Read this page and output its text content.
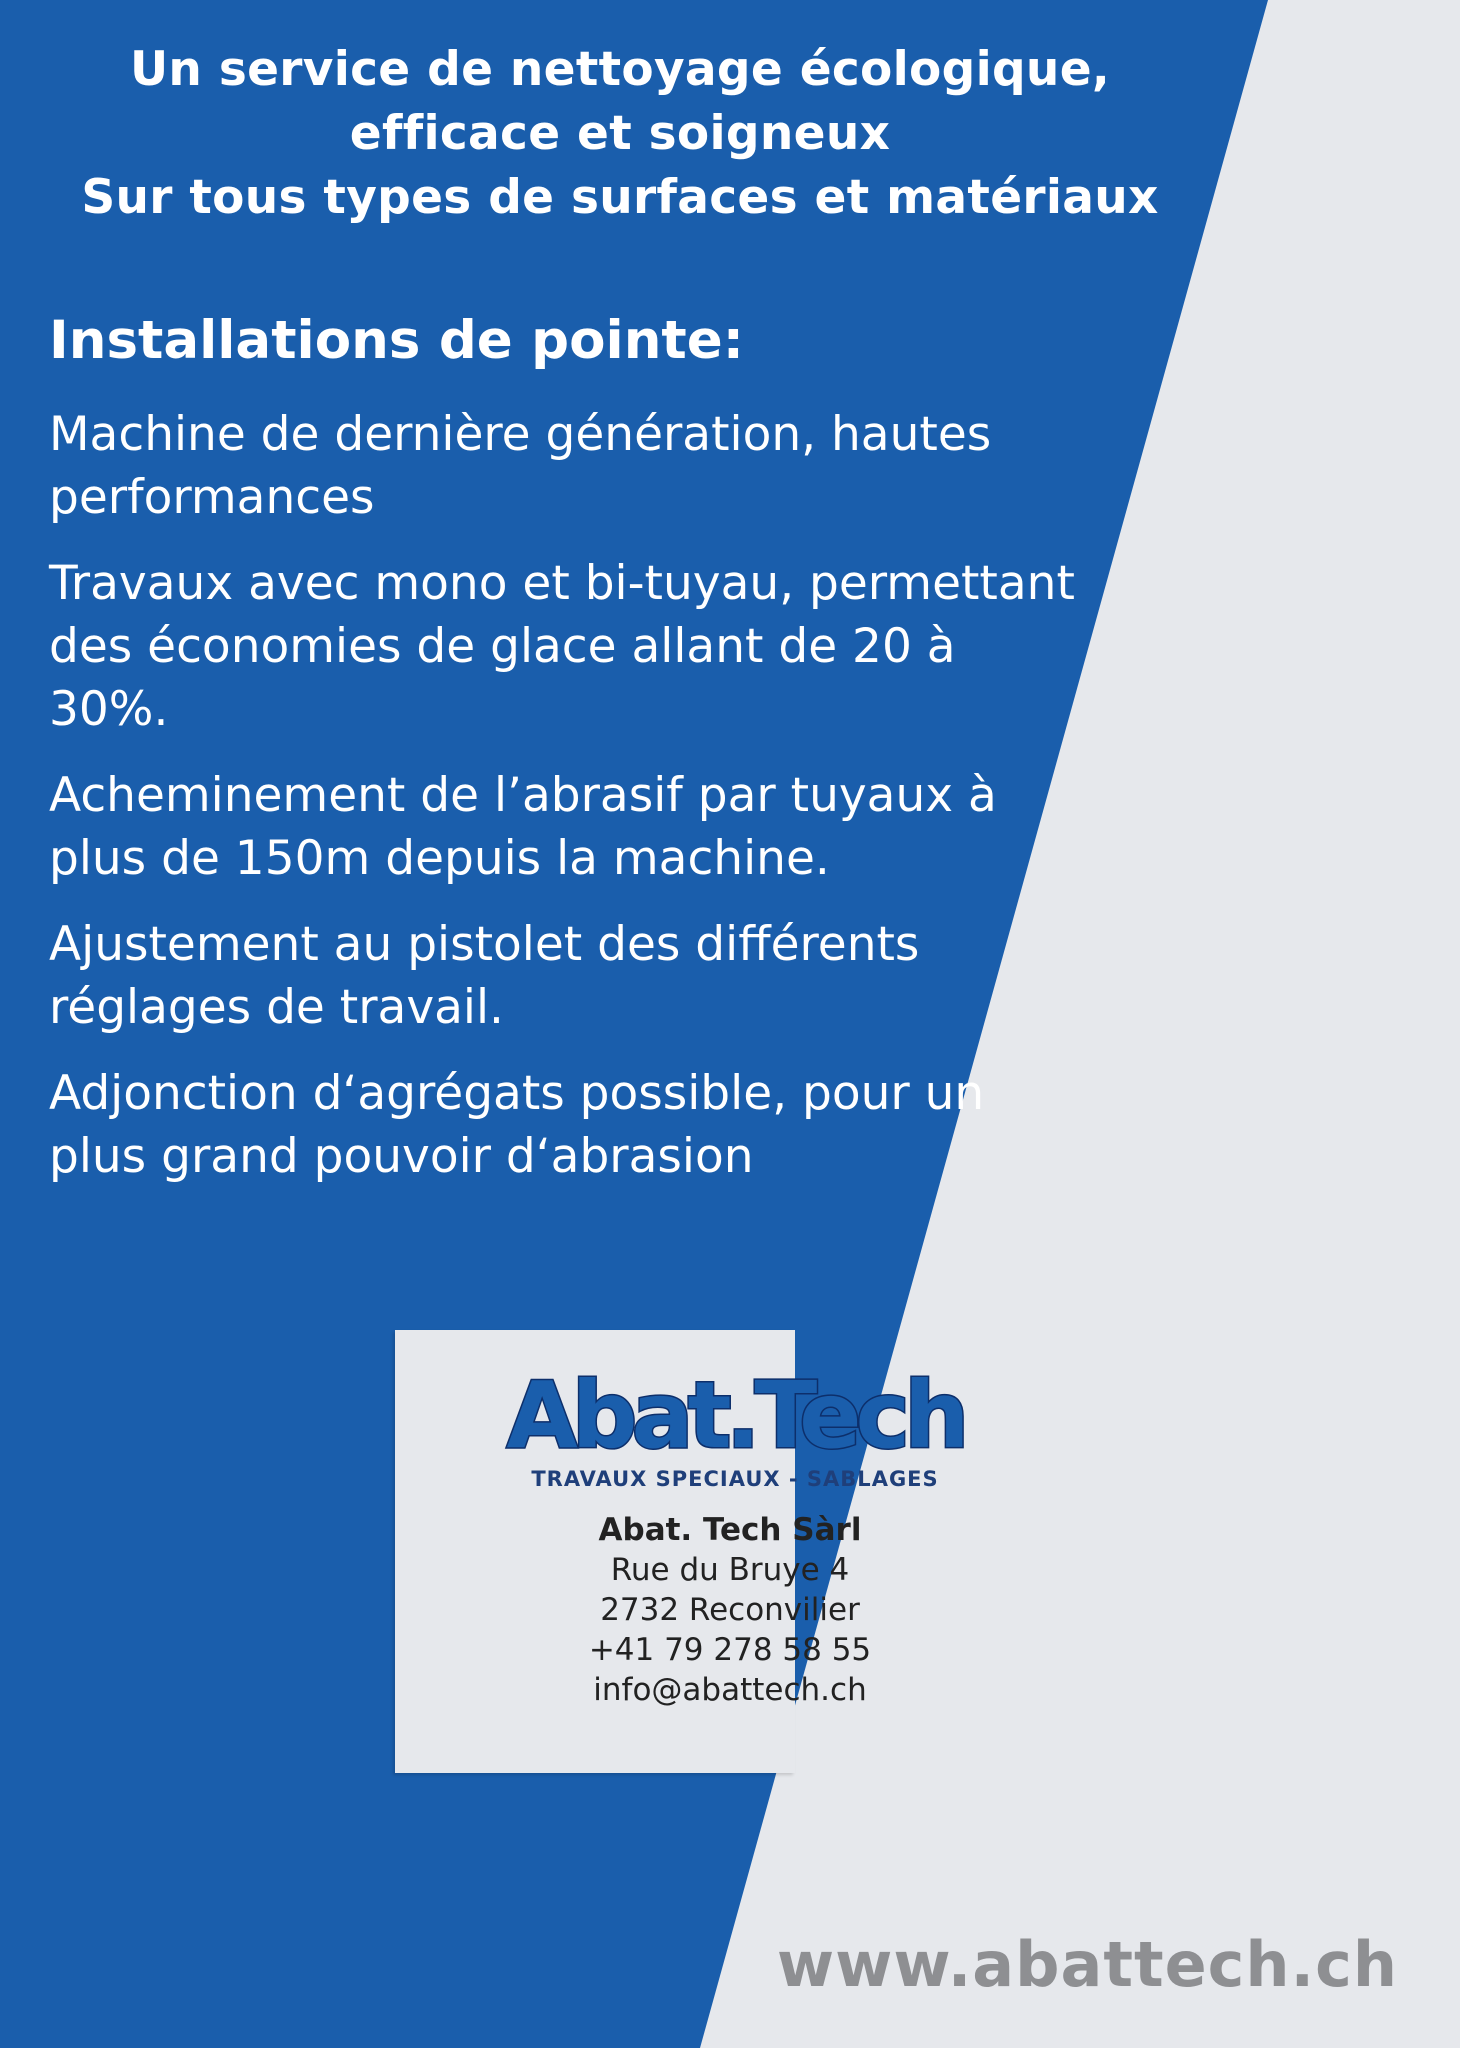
Un service de nettoyage écologique,
efficace et soigneux
Sur tous types de surfaces et matériaux
Installations de pointe:
Machine de dernière génération, hautes performances
Travaux avec mono et bi-tuyau, permettant des économies de glace allant de 20 à 30%.
Acheminement de l’abrasif par tuyaux à plus de 150m depuis la machine.
Ajustement au pistolet des différents réglages de travail.
Adjonction d‘agrégats possible, pour un plus grand pouvoir d‘abrasion
Abat.Tech
TRAVAUX SPECIAUX - SABLAGES
Abat. Tech Sàrl
Rue du Bruye 4
2732 Reconvilier
+41 79 278 58 55
info@abattech.ch
www.abattech.ch
